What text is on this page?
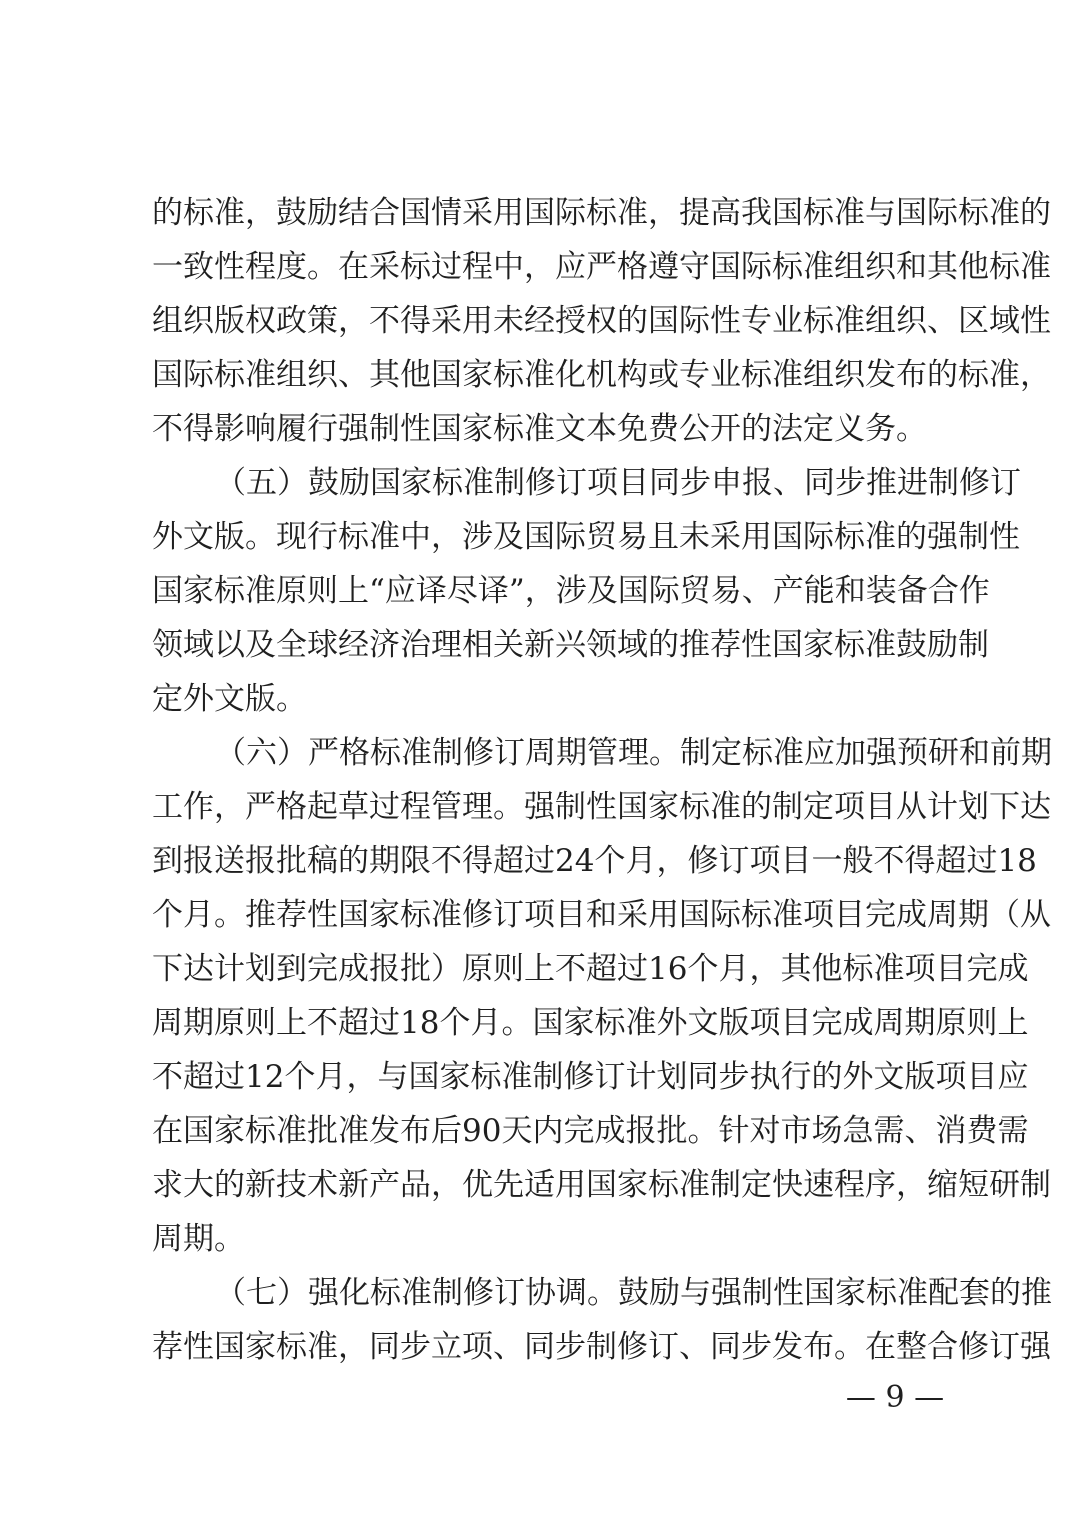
的标准，鼓励结合国情采用国际标准，提高我国标准与国际标准的
一致性程度。在采标过程中，应严格遵守国际标准组织和其他标准
组织版权政策，不得采用未经授权的国际性专业标准组织、区域性
国际标准组织、其他国家标准化机构或专业标准组织发布的标准，
不得影响履行强制性国家标准文本免费公开的法定义务。
（五）鼓励国家标准制修订项目同步申报、同步推进制修订
外文版。现行标准中，涉及国际贸易且未采用国际标准的强制性
国家标准原则上“应译尽译”，涉及国际贸易、产能和装备合作
领域以及全球经济治理相关新兴领域的推荐性国家标准鼓励制
定外文版。
（六）严格标准制修订周期管理。制定标准应加强预研和前期
工作，严格起草过程管理。强制性国家标准的制定项目从计划下达
到报送报批稿的期限不得超过24个月，修订项目一般不得超过18
个月。推荐性国家标准修订项目和采用国际标准项目完成周期（从
下达计划到完成报批）原则上不超过16个月，其他标准项目完成
周期原则上不超过18个月。国家标准外文版项目完成周期原则上
不超过12个月，与国家标准制修订计划同步执行的外文版项目应
在国家标准批准发布后90天内完成报批。针对市场急需、消费需
求大的新技术新产品，优先适用国家标准制定快速程序，缩短研制
周期。
（七）强化标准制修订协调。鼓励与强制性国家标准配套的推
荐性国家标准，同步立项、同步制修订、同步发布。在整合修订强
— 9 —
